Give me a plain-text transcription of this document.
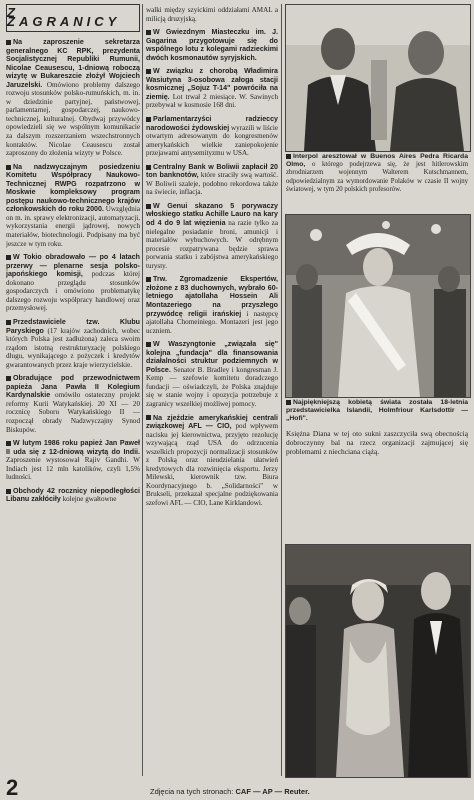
Z ZAGRANICY

Na zaproszenie sekretarza generalnego KC RPK, prezydenta Socjalistycznej Republiki Rumunii, Nicolae Ceausescu, 1-dniową roboczą wizytę w Bukareszcie złożył Wojciech Jaruzelski. Omówiono problemy dalszego rozwoju stosunków polsko-rumuńskich, m. in. w dziedzinie partyjnej, państwowej, parlamentarnej, gospodarczej, naukowo-technicznej, kulturalnej. Obydwaj przywódcy opowiedzieli się we wspólnym komunikacie za dalszym rozszerzaniem wszechstronnych kontaktów. Nicolae Ceausescu został zaproszony do złożenia wizyty w Polsce.

Na nadzwyczajnym posiedzeniu Komitetu Współpracy Naukowo-Technicznej RWPG rozpatrzono w Moskwie kompleksowy program postępu naukowo-technicznego krajów członkowskich do roku 2000. Uwzględnia on m. in. sprawy elektronizacji, automatyzacji, wykorzystania energii jądrowej, nowych materiałów, biotechnologii. Podpisany ma być jeszcze w tym roku.

W Tokio obradowało — po 4 latach przerwy — plenarne sesja polsko-japońskiego komisji, podczas której dokonano przeglądu stosunków gospodarczych i omówiono problematykę dalszego rozwoju współpracy handlowej oraz przemysłowej.

Przedstawiciele tzw. Klubu Paryskiego (17 krajów zachodnich, wobec których Polska jest zadłużona) zaleca swoim rządom istotną restrukturyzację polskiego długu, wynikającego z pożyczek i kredytów gwarantowanych przez kraje wierzycielskie.

Obradujące pod przewodnictwem papieża Jana Pawła II Kolegium Kardynalskie omówiło ostateczny projekt reformy Kurii Watykańskiej. 20 XI — 20 rocznicę Soboru Watykańskiego II — rozpoczął obrady Nadzwyczajny Synod Biskupów.

W lutym 1986 roku papież Jan Paweł II uda się z 12-dniową wizytą do Indii. Zaproszenie wystosował Rajiv Gandhi. W Indiach jest 12 mln katolików, czyli 1,5% ludności.

Obchody 42 rocznicy niepodległości Libanu zakłóciły kolejne gwałtowne

walki między szyickimi oddziałami AMAL a milicją druzyjską.

W Gwiezdnym Miasteczku im. J. Gagarina przygotowuje się do wspólnego lotu z kolegami radzieckimi dwóch kosmonautów syryjskich.

W związku z chorobą Władimira Wasiutyna 3-osobowa załoga stacji kosmicznej „Sojuz T-14" powróciła na ziemię. Lot trwał 2 miesiące. W. Sawinych przebywał w kosmosie 168 dni.

Parlamentarzyści radzieccy narodowości żydowskiej wyrazili w liście otwartym adresowanym do kongresmenów amerykańskich wielkie zaniepokojenie przejawami antysemityzmu w USA.

Centralny Bank w Boliwii zapłacił 20 ton banknotów, które straciły swą wartość. W Boliwii szaleje, podobno rekordowa także na świecie, inflacja.

W Genui skazano 5 porywaczy włoskiego statku Achille Lauro na kary od 4 do 9 lat więzienia na razie tylko za nielegalne posiadanie broni, amunicji i materiałów wybuchowych. W odrębnym procesie rozpatrywana będzie sprawa porwania statku i zabójstwa amerykańskiego turysty.

Trw. Zgromadzenie Ekspertów, złożone z 83 duchownych, wybrało 60-letniego ajatollaha Hossein Ali Montazeriego na przyszłego przywódcę religii irańskiej i następcę ajatollaha Chomeiniego. Montazeri jest jego uczniem.

W Waszyngtonie „związała się" kolejna „fundacja" dla finansowania działalności struktur podziemnych w Polsce. Senator B. Bradley i kongresman J. Kemp — szefowie komitetu doradczego fundacji — oświadczyli, że Polska znajduje się w stanie wojny i opozycja potrzebuje z zagranicy wszelkiej możliwej pomocy.

Na zjeździe amerykańskiej centrali związkowej AFL — CIO, pod wpływem nacisku jej kierownictwa, przyjęto rezolucję wzywającą rząd USA do odrzucenia wszelkich propozycji normalizacji stosunków z Polską oraz nieudzielania ułatwień kredytowych dla rozwinięcia eksportu. Jerzy Milewski, kierownik tzw. Biura Koordynacyjnego b. „Solidarności" w Brukseli, przekazał specjalne podziękowania szefowi AFL — CIO, Lane Kirklandowi.

Interpol aresztował w Buenos Aires Pedra Ricarda Olmo, o którego podejrzewa się, że jest hitlerowskim zbrodniarzem wojennym Walterem Kutschmannem, odpowiedzialnym za wymordowanie Polaków w czasie II wojny światowej, w tym 20 polskich profesorów.
Najpiękniejszą kobietą świata została 18-letnia przedstawicielka Islandii, Holmfriour Karlsdottir — „Hofi".
Księżna Diana w tej oto sukni zaszczyciła swą obecnością dobroczynny bal na rzecz organizacji zajmującej się problemami z niechciana ciążą.
2	Zdjęcia na tych stronach: CAF — AP — Reuter.
